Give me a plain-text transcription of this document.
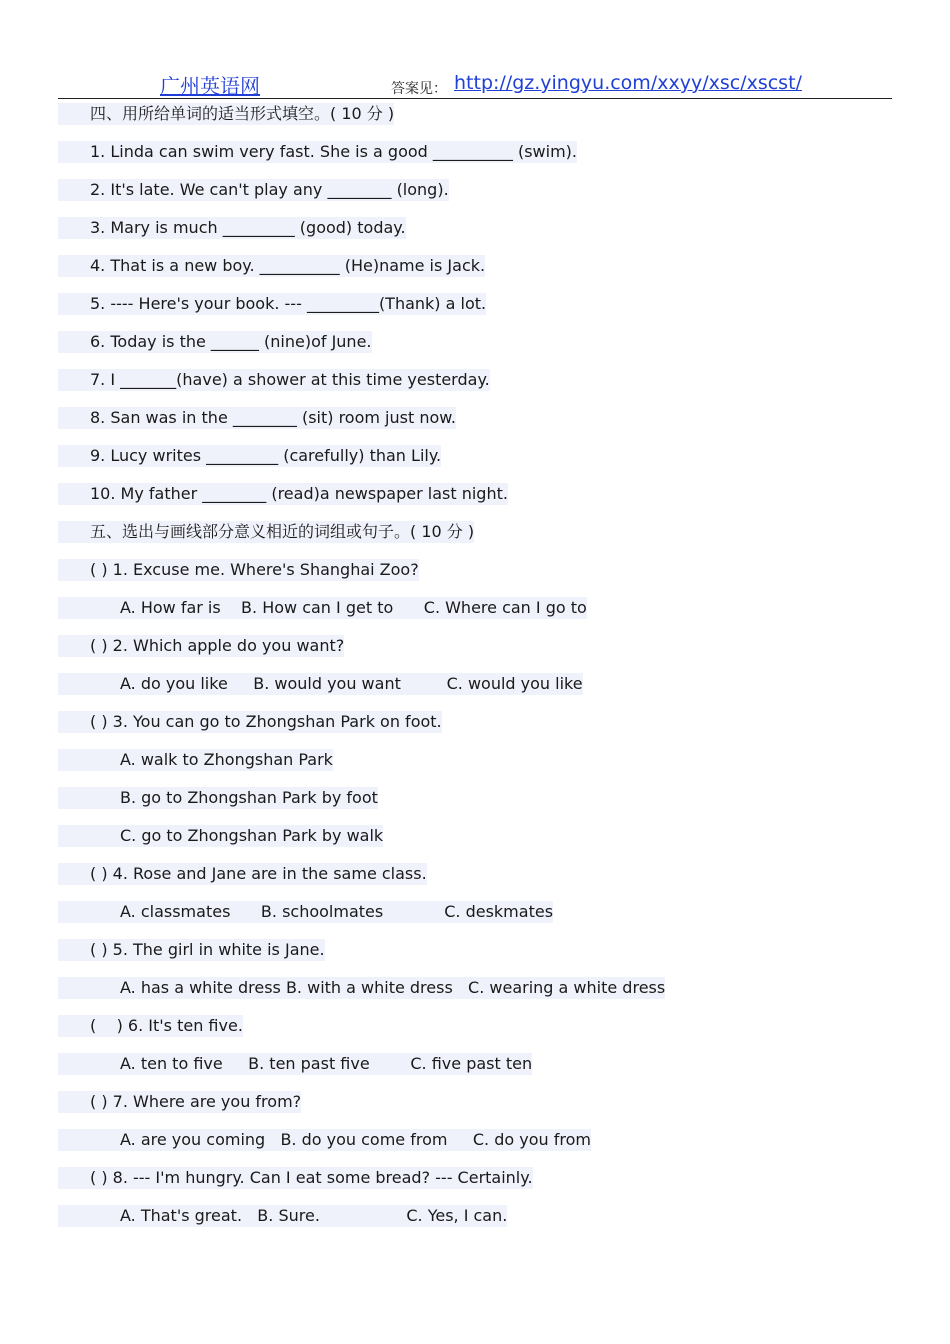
广州英语网	答案见： http://gz.yingyu.com/xxyy/xsc/xscst/
四、用所给单词的适当形式填空。( 10 分 )
1. Linda can swim very fast. She is a good __________ (swim).
2. It's late. We can't play any ________ (long).
3. Mary is much _________ (good) today.
4. That is a new boy. __________ (He)name is Jack.
5. ---- Here's your book. --- _________(Thank) a lot.
6. Today is the ______ (nine)of June.
7. I _______(have) a shower at this time yesterday.
8. San was in the ________ (sit) room just now.
9. Lucy writes _________ (carefully) than Lily.
10. My father ________ (read)a newspaper last night.
五、选出与画线部分意义相近的词组或句子。( 10 分 )
( ) 1. Excuse me. Where's Shanghai Zoo?
A. How far is    B. How can I get to      C. Where can I go to
( ) 2. Which apple do you want?
A. do you like     B. would you want         C. would you like
( ) 3. You can go to Zhongshan Park on foot.
A. walk to Zhongshan Park
B. go to Zhongshan Park by foot
C. go to Zhongshan Park by walk
( ) 4. Rose and Jane are in the same class.
A. classmates      B. schoolmates            C. deskmates
( ) 5. The girl in white is Jane.
A. has a white dress B. with a white dress   C. wearing a white dress
(    ) 6. It's ten five.
A. ten to five     B. ten past five        C. five past ten
( ) 7. Where are you from?
A. are you coming   B. do you come from     C. do you from
( ) 8. --- I'm hungry. Can I eat some bread? --- Certainly.
A. That's great.   B. Sure.                 C. Yes, I can.
